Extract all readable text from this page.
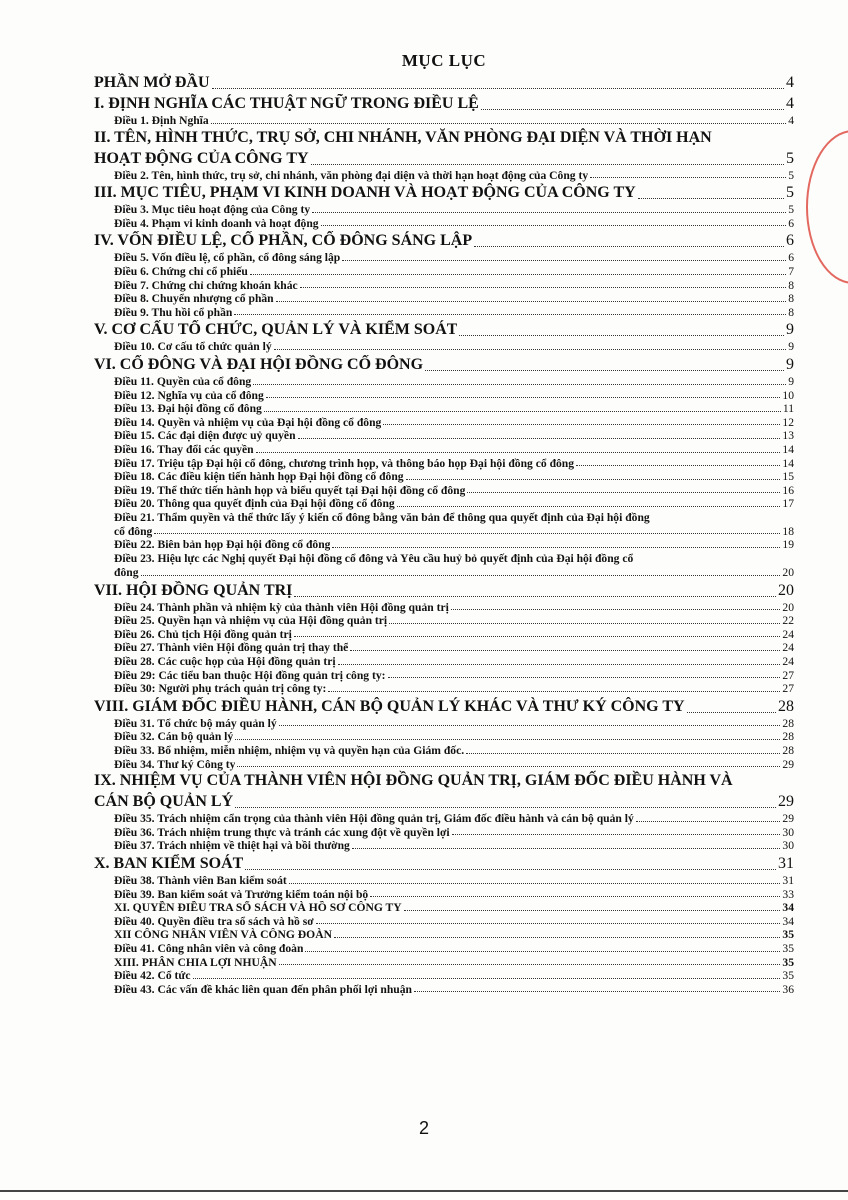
MỤC LỤC
PHẦN MỞ ĐẦU	4
I. ĐỊNH NGHĨA CÁC THUẬT NGỮ TRONG ĐIỀU LỆ	4
Điều 1. Định Nghĩa	4
II. TÊN, HÌNH THỨC, TRỤ SỞ, CHI NHÁNH, VĂN PHÒNG ĐẠI DIỆN VÀ THỜI HẠN
HOẠT ĐỘNG CỦA CÔNG TY	5
Điều 2. Tên, hình thức, trụ sở, chi nhánh, văn phòng đại diện và thời hạn hoạt động của Công ty	5
III. MỤC TIÊU, PHẠM VI KINH DOANH VÀ HOẠT ĐỘNG CỦA CÔNG TY	5
Điều 3. Mục tiêu hoạt động của Công ty	5
Điều 4. Phạm vi kinh doanh và hoạt động	6
IV. VỐN ĐIỀU LỆ, CỔ PHẦN, CỔ ĐÔNG SÁNG LẬP	6
Điều 5. Vốn điều lệ, cổ phần, cổ đông sáng lập	6
Điều 6. Chứng chỉ cổ phiếu	7
Điều 7. Chứng chỉ chứng khoán khác	8
Điều 8. Chuyển nhượng cổ phần	8
Điều 9. Thu hồi cổ phần	8
V. CƠ CẤU TỔ CHỨC, QUẢN LÝ VÀ KIỂM SOÁT	9
Điều 10. Cơ cấu tổ chức quản lý	9
VI. CỔ ĐÔNG VÀ ĐẠI HỘI ĐỒNG CỔ ĐÔNG	9
Điều 11. Quyền của cổ đông	9
Điều 12. Nghĩa vụ của cổ đông	10
Điều 13. Đại hội đồng cổ đông	11
Điều 14. Quyền và nhiệm vụ của Đại hội đồng cổ đông	12
Điều 15. Các đại diện được uỷ quyền	13
Điều 16. Thay đổi các quyền	14
Điều 17. Triệu tập Đại hội cổ đông, chương trình họp, và thông báo họp Đại hội đồng cổ đông	14
Điều 18. Các điều kiện tiến hành họp Đại hội đồng cổ đông	15
Điều 19. Thể thức tiến hành họp và biểu quyết tại Đại hội đồng cổ đông	16
Điều 20. Thông qua quyết định của Đại hội đồng cổ đông	17
Điều 21. Thẩm quyền và thể thức lấy ý kiến cổ đông bằng văn bản để thông qua quyết định của Đại hội đồng
cổ đông	18
Điều 22. Biên bản họp Đại hội đồng cổ đông	19
Điều 23. Hiệu lực các Nghị quyết Đại hội đồng cổ đông và Yêu cầu huỷ bỏ quyết định của Đại hội đồng cổ
đông	20
VII. HỘI ĐỒNG QUẢN TRỊ	20
Điều 24. Thành phần và nhiệm kỳ của thành viên Hội đồng quản trị	20
Điều 25. Quyền hạn và nhiệm vụ của Hội đồng quản trị	22
Điều 26. Chủ tịch Hội đồng quản trị	24
Điều 27. Thành viên Hội đồng quản trị thay thế	24
Điều 28. Các cuộc họp của Hội đồng quản trị	24
Điều 29: Các tiểu ban thuộc Hội đồng quản trị công ty:	27
Điều 30: Người phụ trách quản trị công ty:	27
VIII. GIÁM ĐỐC ĐIỀU HÀNH, CÁN BỘ QUẢN LÝ KHÁC VÀ THƯ KÝ CÔNG TY	28
Điều 31. Tổ chức bộ máy quản lý	28
Điều 32. Cán bộ quản lý	28
Điều 33. Bổ nhiệm, miễn nhiệm, nhiệm vụ và quyền hạn của Giám đốc.	28
Điều 34. Thư ký Công ty	29
IX. NHIỆM VỤ CỦA THÀNH VIÊN HỘI ĐỒNG QUẢN TRỊ, GIÁM ĐỐC ĐIỀU HÀNH VÀ
CÁN BỘ QUẢN LÝ	29
Điều 35. Trách nhiệm cẩn trọng của thành viên Hội đồng quản trị, Giám đốc điều hành và cán bộ quản lý	29
Điều 36. Trách nhiệm trung thực và tránh các xung đột về quyền lợi	30
Điều 37. Trách nhiệm về thiệt hại và bồi thường	30
X. BAN KIỂM SOÁT	31
Điều 38. Thành viên Ban kiểm soát	31
Điều 39. Ban kiểm soát và Trưởng kiểm toán nội bộ	33
XI. QUYỀN ĐIỀU TRA SỔ SÁCH VÀ HỒ SƠ CÔNG TY	34
Điều 40. Quyền điều tra sổ sách và hồ sơ	34
XII CÔNG NHÂN VIÊN VÀ CÔNG ĐOÀN	35
Điều 41. Công nhân viên và công đoàn	35
XIII. PHÂN CHIA LỢI NHUẬN	35
Điều 42. Cổ tức	35
Điều 43. Các vấn đề khác liên quan đến phân phối lợi nhuận	36
2
